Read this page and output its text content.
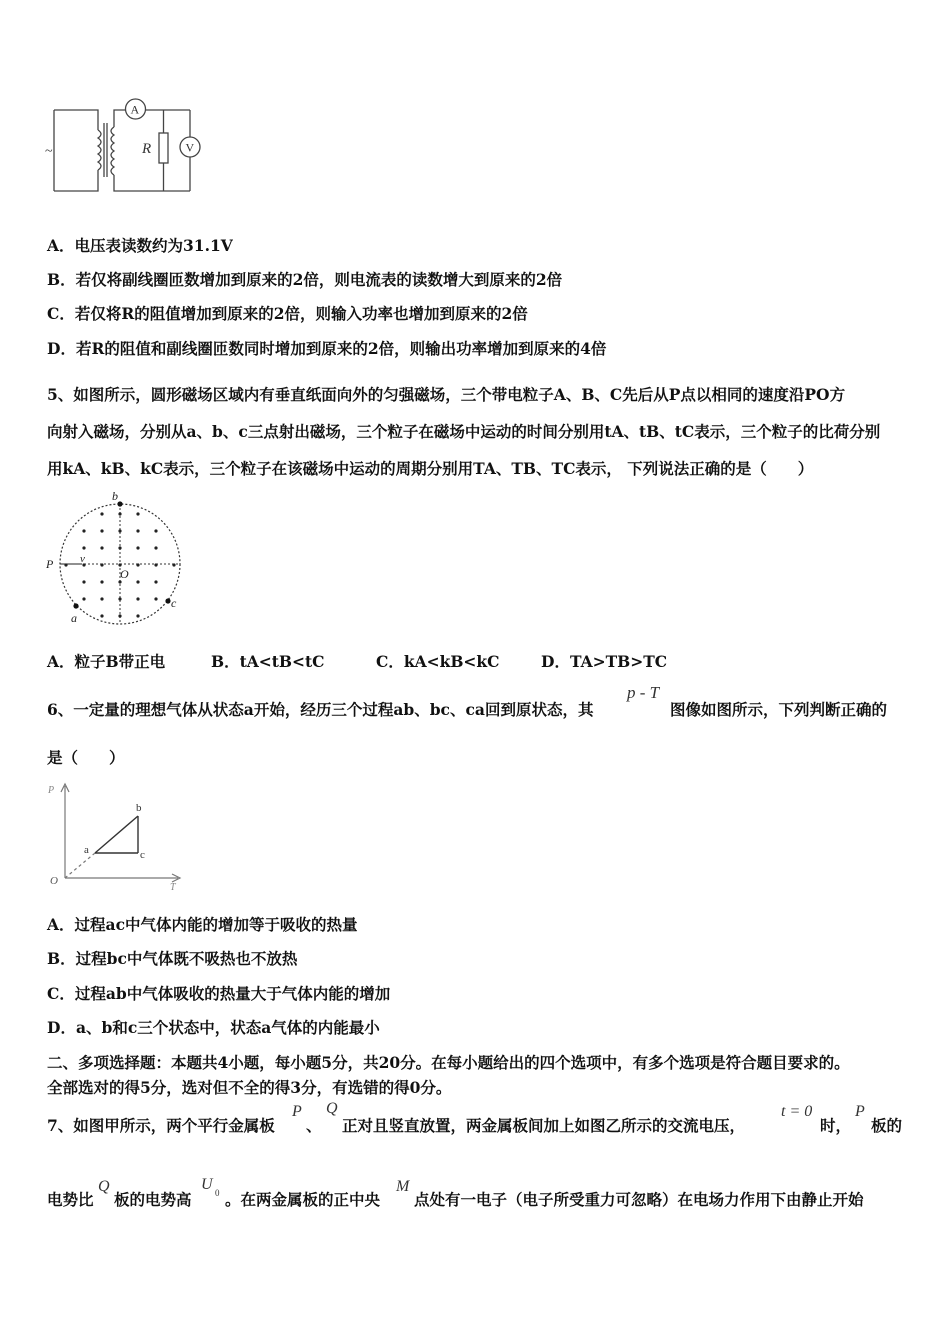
A
V
R
~
A．电压表读数约为31.1V
B．若仅将副线圈匝数增加到原来的2倍，则电流表的读数增大到原来的2倍
C．若仅将R的阻值增加到原来的2倍，则输入功率也增加到原来的2倍
D．若R的阻值和副线圈匝数同时增加到原来的2倍，则输出功率增加到原来的4倍
5、如图所示，圆形磁场区域内有垂直纸面向外的匀强磁场，三个带电粒子A、B、C先后从P点以相同的速度沿PO方
向射入磁场，分别从a、b、c三点射出磁场，三个粒子在磁场中运动的时间分别用tA、tB、tC表示，三个粒子的比荷分别
用kA、kB、kC表示，三个粒子在该磁场中运动的周期分别用TA、TB、TC表示， 下列说法正确的是（　　）
b
P v
O
c
a
A．粒子B带正电	B．tA<tB<tC	C．kA<kB<kC	D．TA>TB>TC
6、一定量的理想气体从状态a开始，经历三个过程ab、bc、ca回到原状态，其
p - T
图像如图所示，下列判断正确的
是（　　）
P
T
O
a
b
c
A．过程ac中气体内能的增加等于吸收的热量
B．过程bc中气体既不吸热也不放热
C．过程ab中气体吸收的热量大于气体内能的增加
D．a、b和c三个状态中，状态a气体的内能最小
二、多项选择题：本题共4小题，每小题5分，共20分。在每小题给出的四个选项中，有多个选项是符合题目要求的。
全部选对的得5分，选对但不全的得3分，有选错的得0分。
7、如图甲所示，两个平行金属板
P
、
Q
正对且竖直放置，两金属板间加上如图乙所示的交流电压，
t = 0
时，
P
板的
电势比
Q
板的电势高
U 0 。在两金属板的正中央
M
点处有一电子（电子所受重力可忽略）在电场力作用下由静止开始
